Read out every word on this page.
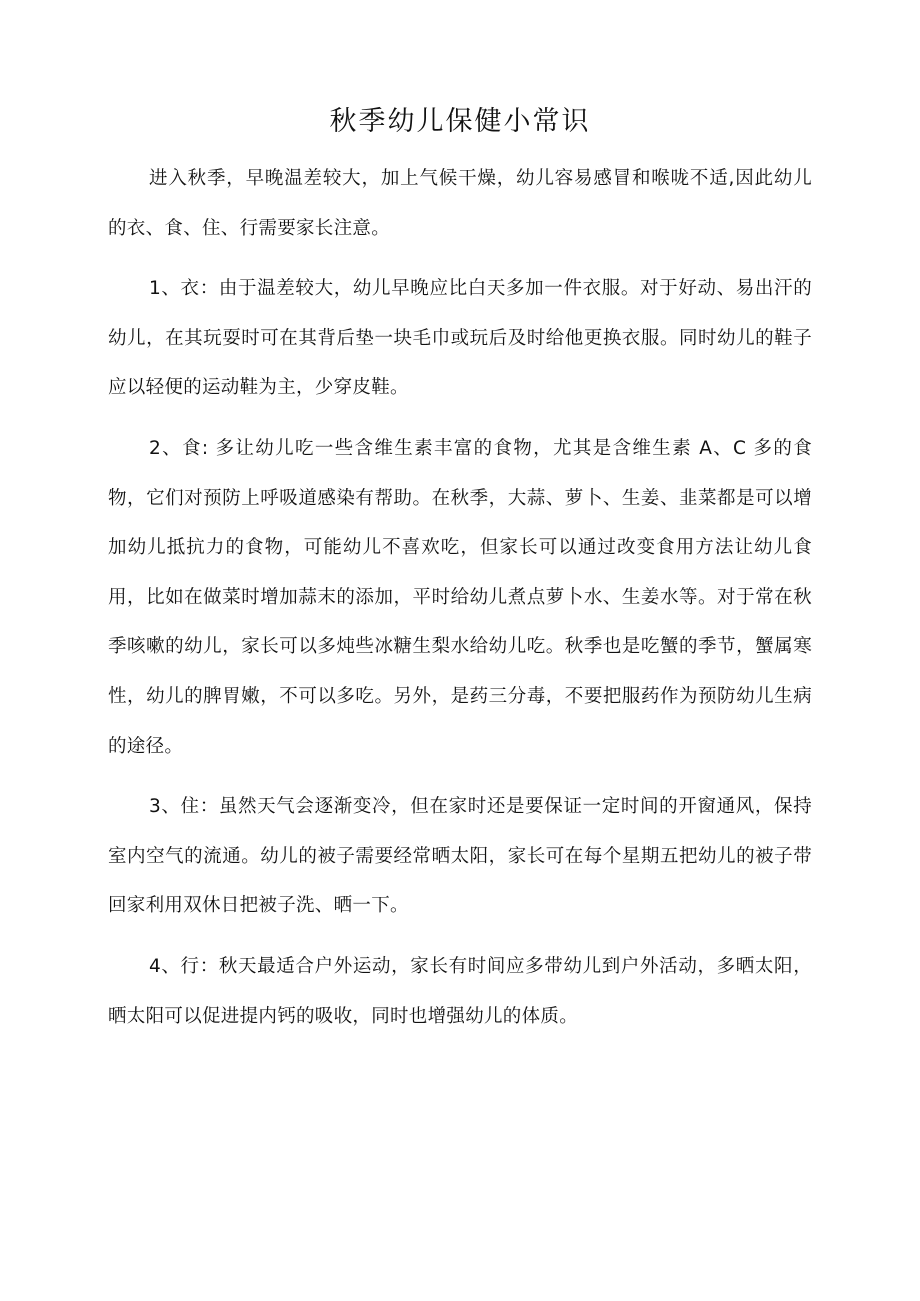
秋季幼儿保健小常识

进入秋季，早晚温差较大，加上气候干燥，幼儿容易感冒和喉咙不适,因此幼儿的衣、食、住、行需要家长注意。

1、衣：由于温差较大，幼儿早晚应比白天多加一件衣服。对于好动、易出汗的幼儿，在其玩耍时可在其背后垫一块毛巾或玩后及时给他更换衣服。同时幼儿的鞋子应以轻便的运动鞋为主，少穿皮鞋。

2、食: 多让幼儿吃一些含维生素丰富的食物，尤其是含维生素 A、C 多的食物，它们对预防上呼吸道感染有帮助。在秋季，大蒜、萝卜、生姜、韭菜都是可以增加幼儿抵抗力的食物，可能幼儿不喜欢吃，但家长可以通过改变食用方法让幼儿食用，比如在做菜时增加蒜末的添加，平时给幼儿煮点萝卜水、生姜水等。对于常在秋季咳嗽的幼儿，家长可以多炖些冰糖生梨水给幼儿吃。秋季也是吃蟹的季节，蟹属寒性，幼儿的脾胃嫩，不可以多吃。另外，是药三分毒，不要把服药作为预防幼儿生病的途径。

3、住：虽然天气会逐渐变冷，但在家时还是要保证一定时间的开窗通风，保持室内空气的流通。幼儿的被子需要经常晒太阳，家长可在每个星期五把幼儿的被子带回家利用双休日把被子洗、晒一下。

4、行：秋天最适合户外运动，家长有时间应多带幼儿到户外活动，多晒太阳，晒太阳可以促进提内钙的吸收，同时也增强幼儿的体质。
